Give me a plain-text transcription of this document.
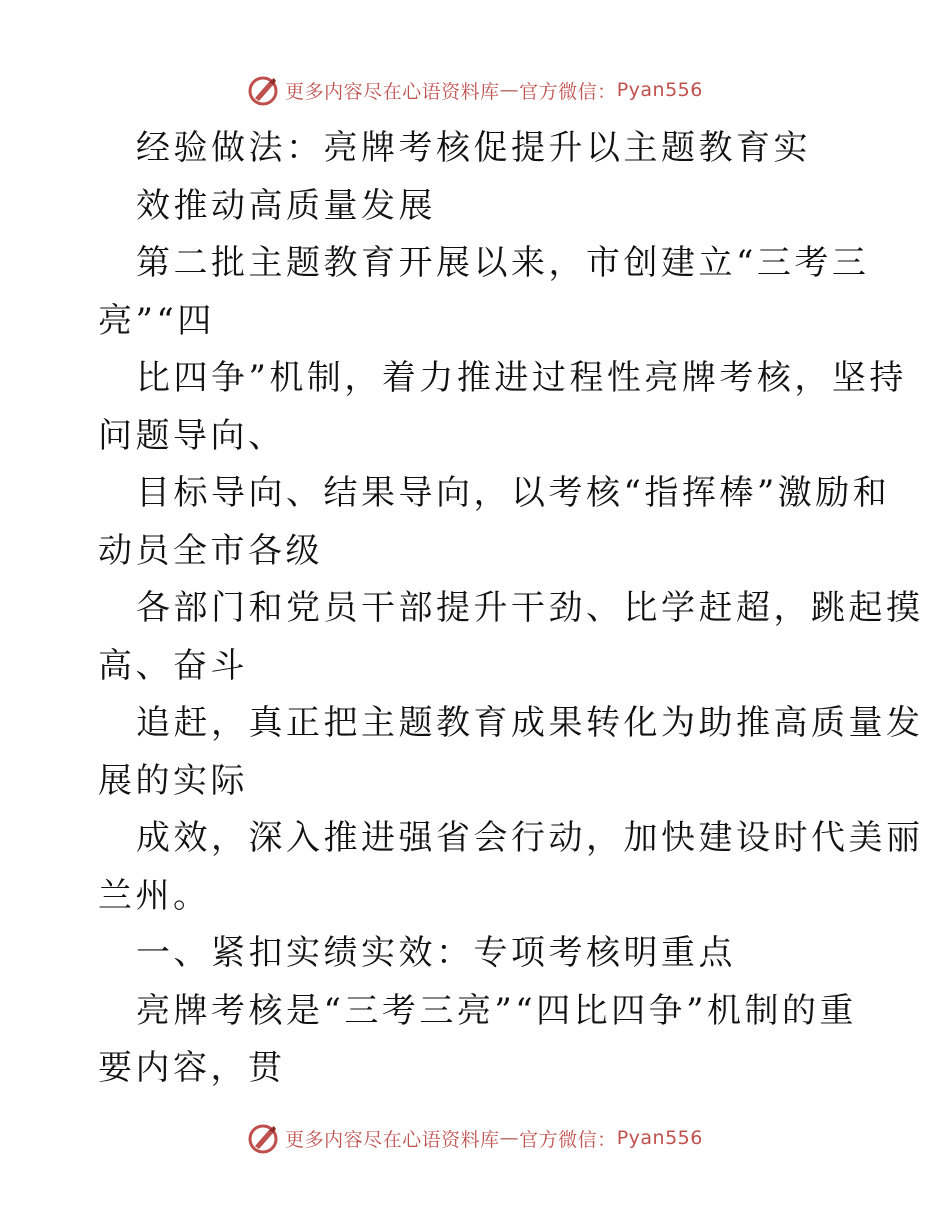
更多内容尽在心语资料库 — 官方微信： Pyan556
经验做法：亮牌考核促提升以主题教育实
效推动高质量发展
第二批主题教育开展以来，市创建立“三考三
亮”“四
比四争”机制，着力推进过程性亮牌考核，坚持
问题导向、
目标导向、结果导向，以考核“指挥棒”激励和
动员全市各级
各部门和党员干部提升干劲、比学赶超，跳起摸
高、奋斗
追赶，真正把主题教育成果转化为助推高质量发
展的实际
成效，深入推进强省会行动，加快建设时代美丽
兰州。
一、紧扣实绩实效：专项考核明重点
亮牌考核是“三考三亮”“四比四争”机制的重
要内容，贯
更多内容尽在心语资料库 — 官方微信： Pyan556
